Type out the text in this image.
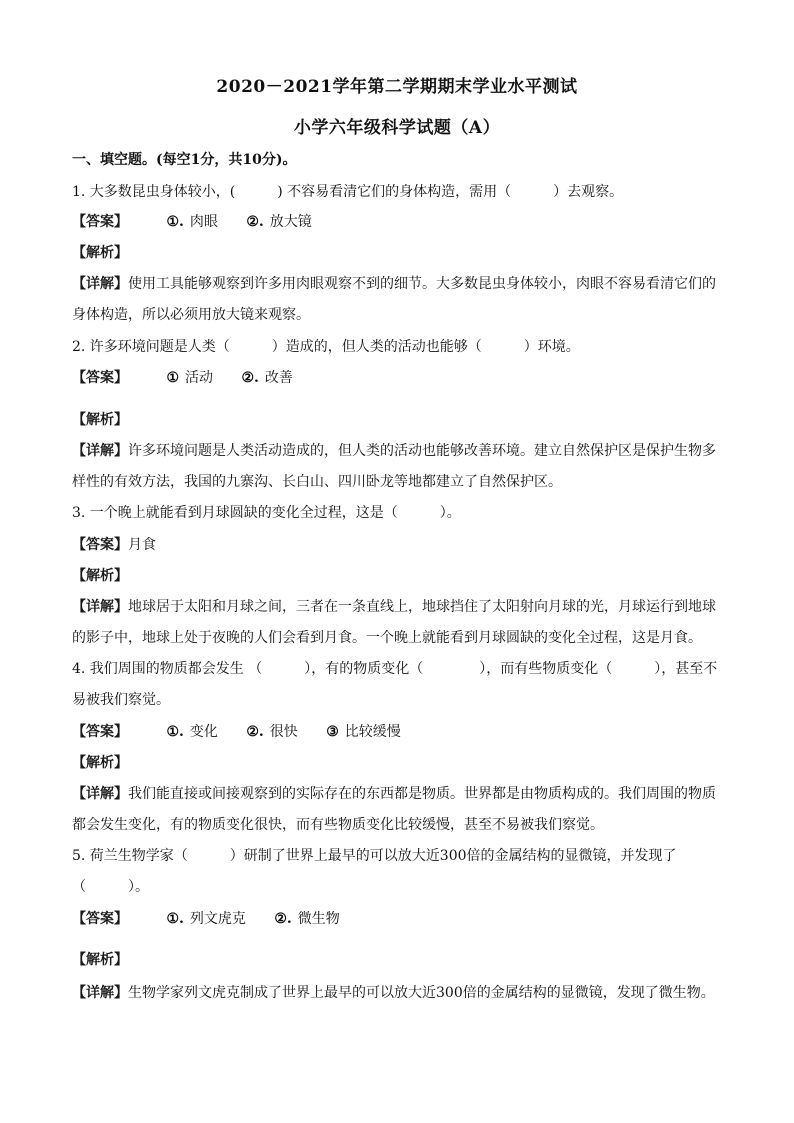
2020－2021学年第二学期期末学业水平测试
小学六年级科学试题（A）
一、填空题。(每空1分，共10分)。
1. 大多数昆虫身体较小，(　　　) 不容易看清它们的身体构造，需用（　　　）去观察。
【答案】	①. 肉眼 ②. 放大镜
【解析】
【详解】使用工具能够观察到许多用肉眼观察不到的细节。大多数昆虫身体较小，肉眼不容易看清它们的
身体构造，所以必须用放大镜来观察。
2. 许多环境问题是人类（　　　）造成的，但人类的活动也能够（　　　）环境。
【答案】	① 活动 ②. 改善
【解析】
【详解】许多环境问题是人类活动造成的，但人类的活动也能够改善环境。建立自然保护区是保护生物多
样性的有效方法，我国的九寨沟、长白山、四川卧龙等地都建立了自然保护区。
3. 一个晚上就能看到月球圆缺的变化全过程，这是（　　　）。
【答案】月食
【解析】
【详解】地球居于太阳和月球之间，三者在一条直线上，地球挡住了太阳射向月球的光，月球运行到地球
的影子中，地球上处于夜晚的人们会看到月食。一个晚上就能看到月球圆缺的变化全过程，这是月食。
4. 我们周围的物质都会发生 （　　　），有的物质变化（　　　　），而有些物质变化（　　　），甚至不
易被我们察觉。
【答案】	①. 变化 ②. 很快 ③ 比较缓慢
【解析】
【详解】我们能直接或间接观察到的实际存在的东西都是物质。世界都是由物质构成的。我们周围的物质
都会发生变化，有的物质变化很快，而有些物质变化比较缓慢，甚至不易被我们察觉。
5. 荷兰生物学家（　　　）研制了世界上最早的可以放大近300倍的金属结构的显微镜，并发现了
（　　　）。
【答案】	①. 列文虎克 ②. 微生物
【解析】
【详解】生物学家列文虎克制成了世界上最早的可以放大近300倍的金属结构的显微镜，发现了微生物。
